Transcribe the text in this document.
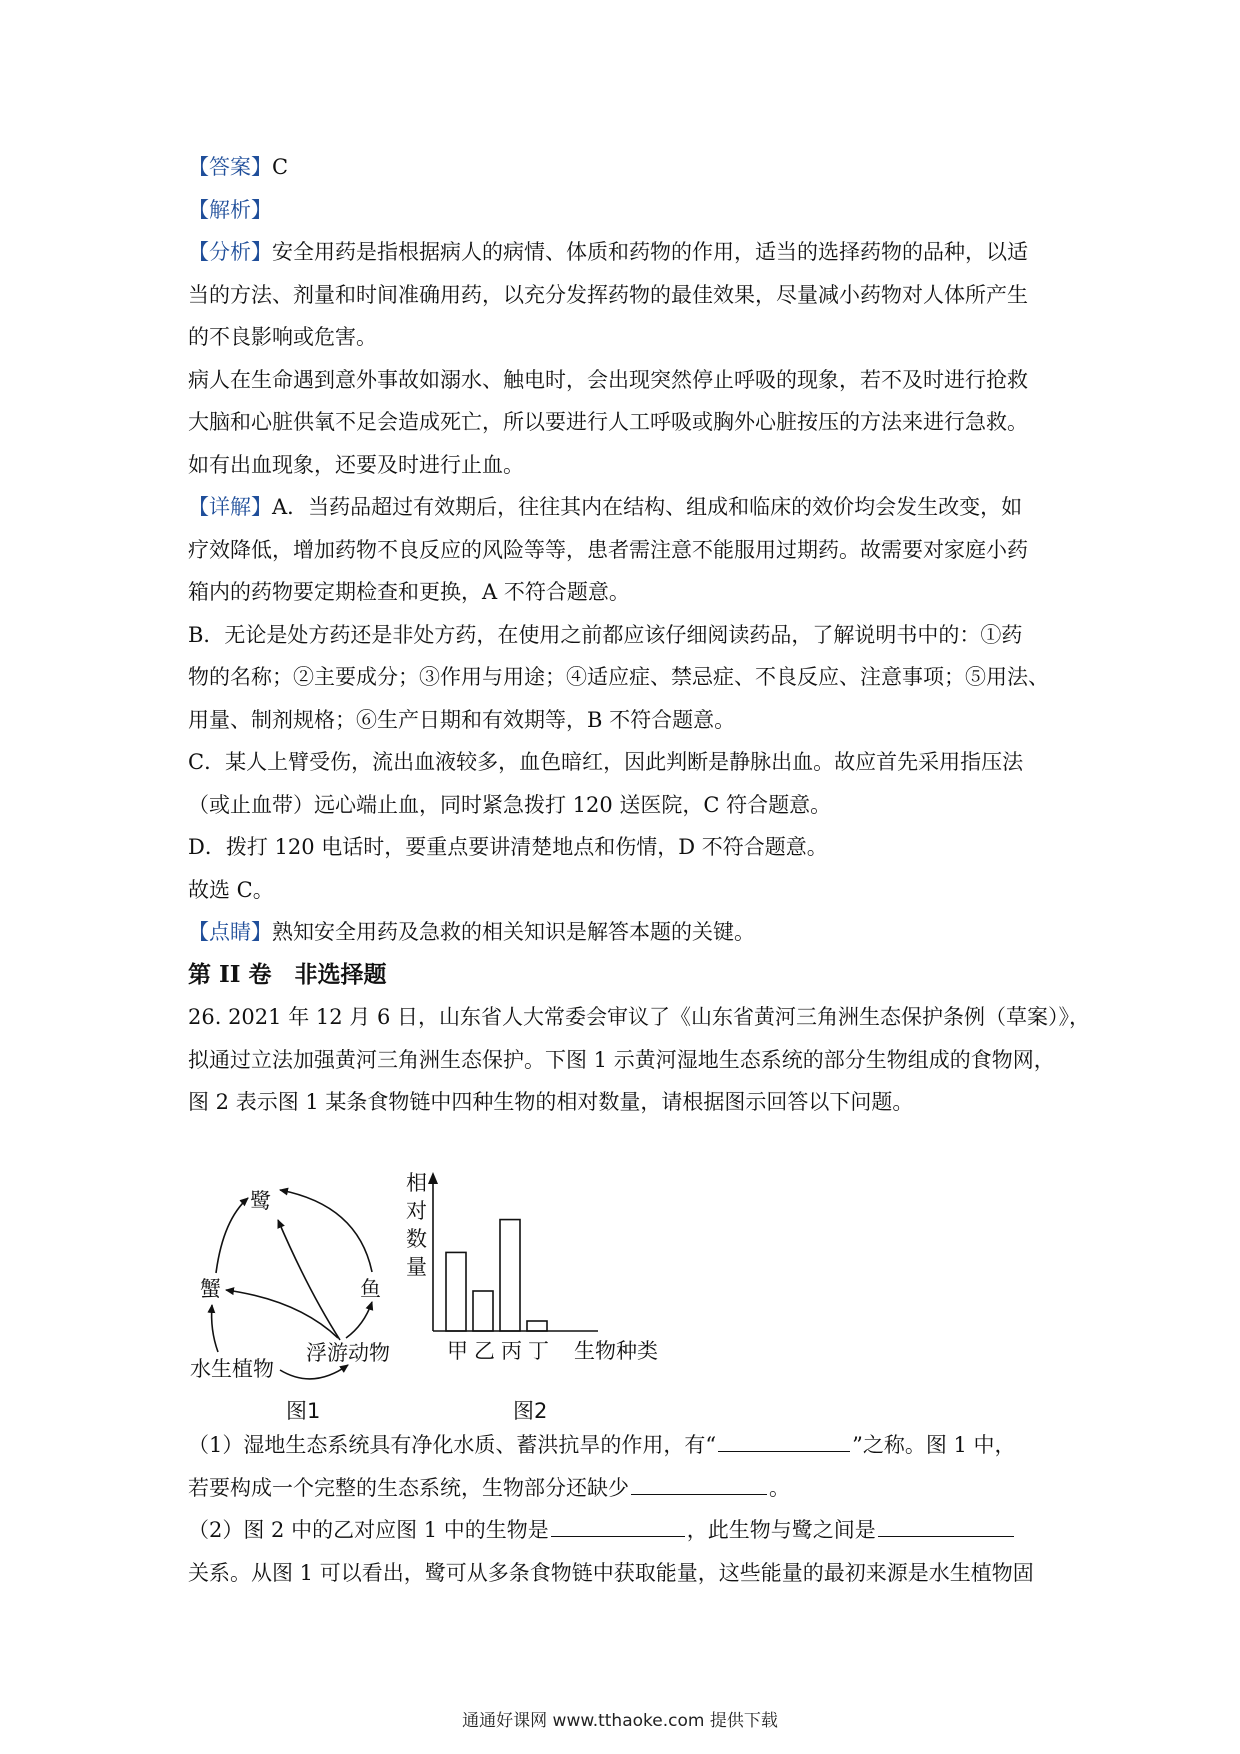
【答案】C
【解析】
【分析】安全用药是指根据病人的病情、体质和药物的作用，适当的选择药物的品种，以适
当的方法、剂量和时间准确用药，以充分发挥药物的最佳效果，尽量减小药物对人体所产生
的不良影响或危害。
病人在生命遇到意外事故如溺水、触电时，会出现突然停止呼吸的现象，若不及时进行抢救
大脑和心脏供氧不足会造成死亡，所以要进行人工呼吸或胸外心脏按压的方法来进行急救。
如有出血现象，还要及时进行止血。
【详解】A．当药品超过有效期后，往往其内在结构、组成和临床的效价均会发生改变，如
疗效降低，增加药物不良反应的风险等等，患者需注意不能服用过期药。故需要对家庭小药
箱内的药物要定期检查和更换，A 不符合题意。
B．无论是处方药还是非处方药，在使用之前都应该仔细阅读药品，了解说明书中的：①药
物的名称；②主要成分；③作用与用途；④适应症、禁忌症、不良反应、注意事项；⑤用法、
用量、制剂规格；⑥生产日期和有效期等，B 不符合题意。
C．某人上臂受伤，流出血液较多，血色暗红，因此判断是静脉出血。故应首先采用指压法
（或止血带）远心端止血，同时紧急拨打 120 送医院，C 符合题意。
D．拨打 120 电话时，要重点要讲清楚地点和伤情，D 不符合题意。
故选 C。
【点睛】熟知安全用药及急救的相关知识是解答本题的关键。
第 II 卷　非选择题
26. 2021 年 12 月 6 日，山东省人大常委会审议了《山东省黄河三角洲生态保护条例（草案）》，
拟通过立法加强黄河三角洲生态保护。下图 1 示黄河湿地生态系统的部分生物组成的食物网，
图 2 表示图 1 某条食物链中四种生物的相对数量，请根据图示回答以下问题。
鹭
蟹	鱼
浮游动物
水生植物
图1
相
对
数
量
甲 乙 丙 丁 生物种类
图2
（1）湿地生态系统具有净化水质、蓄洪抗旱的作用，有“	”之称。图 1 中，
若要构成一个完整的生态系统，生物部分还缺少	。
（2）图 2 中的乙对应图 1 中的生物是	，此生物与鹭之间是
关系。从图 1 可以看出，鹭可从多条食物链中获取能量，这些能量的最初来源是水生植物固
通通好课网 www.tthaoke.com 提供下载
